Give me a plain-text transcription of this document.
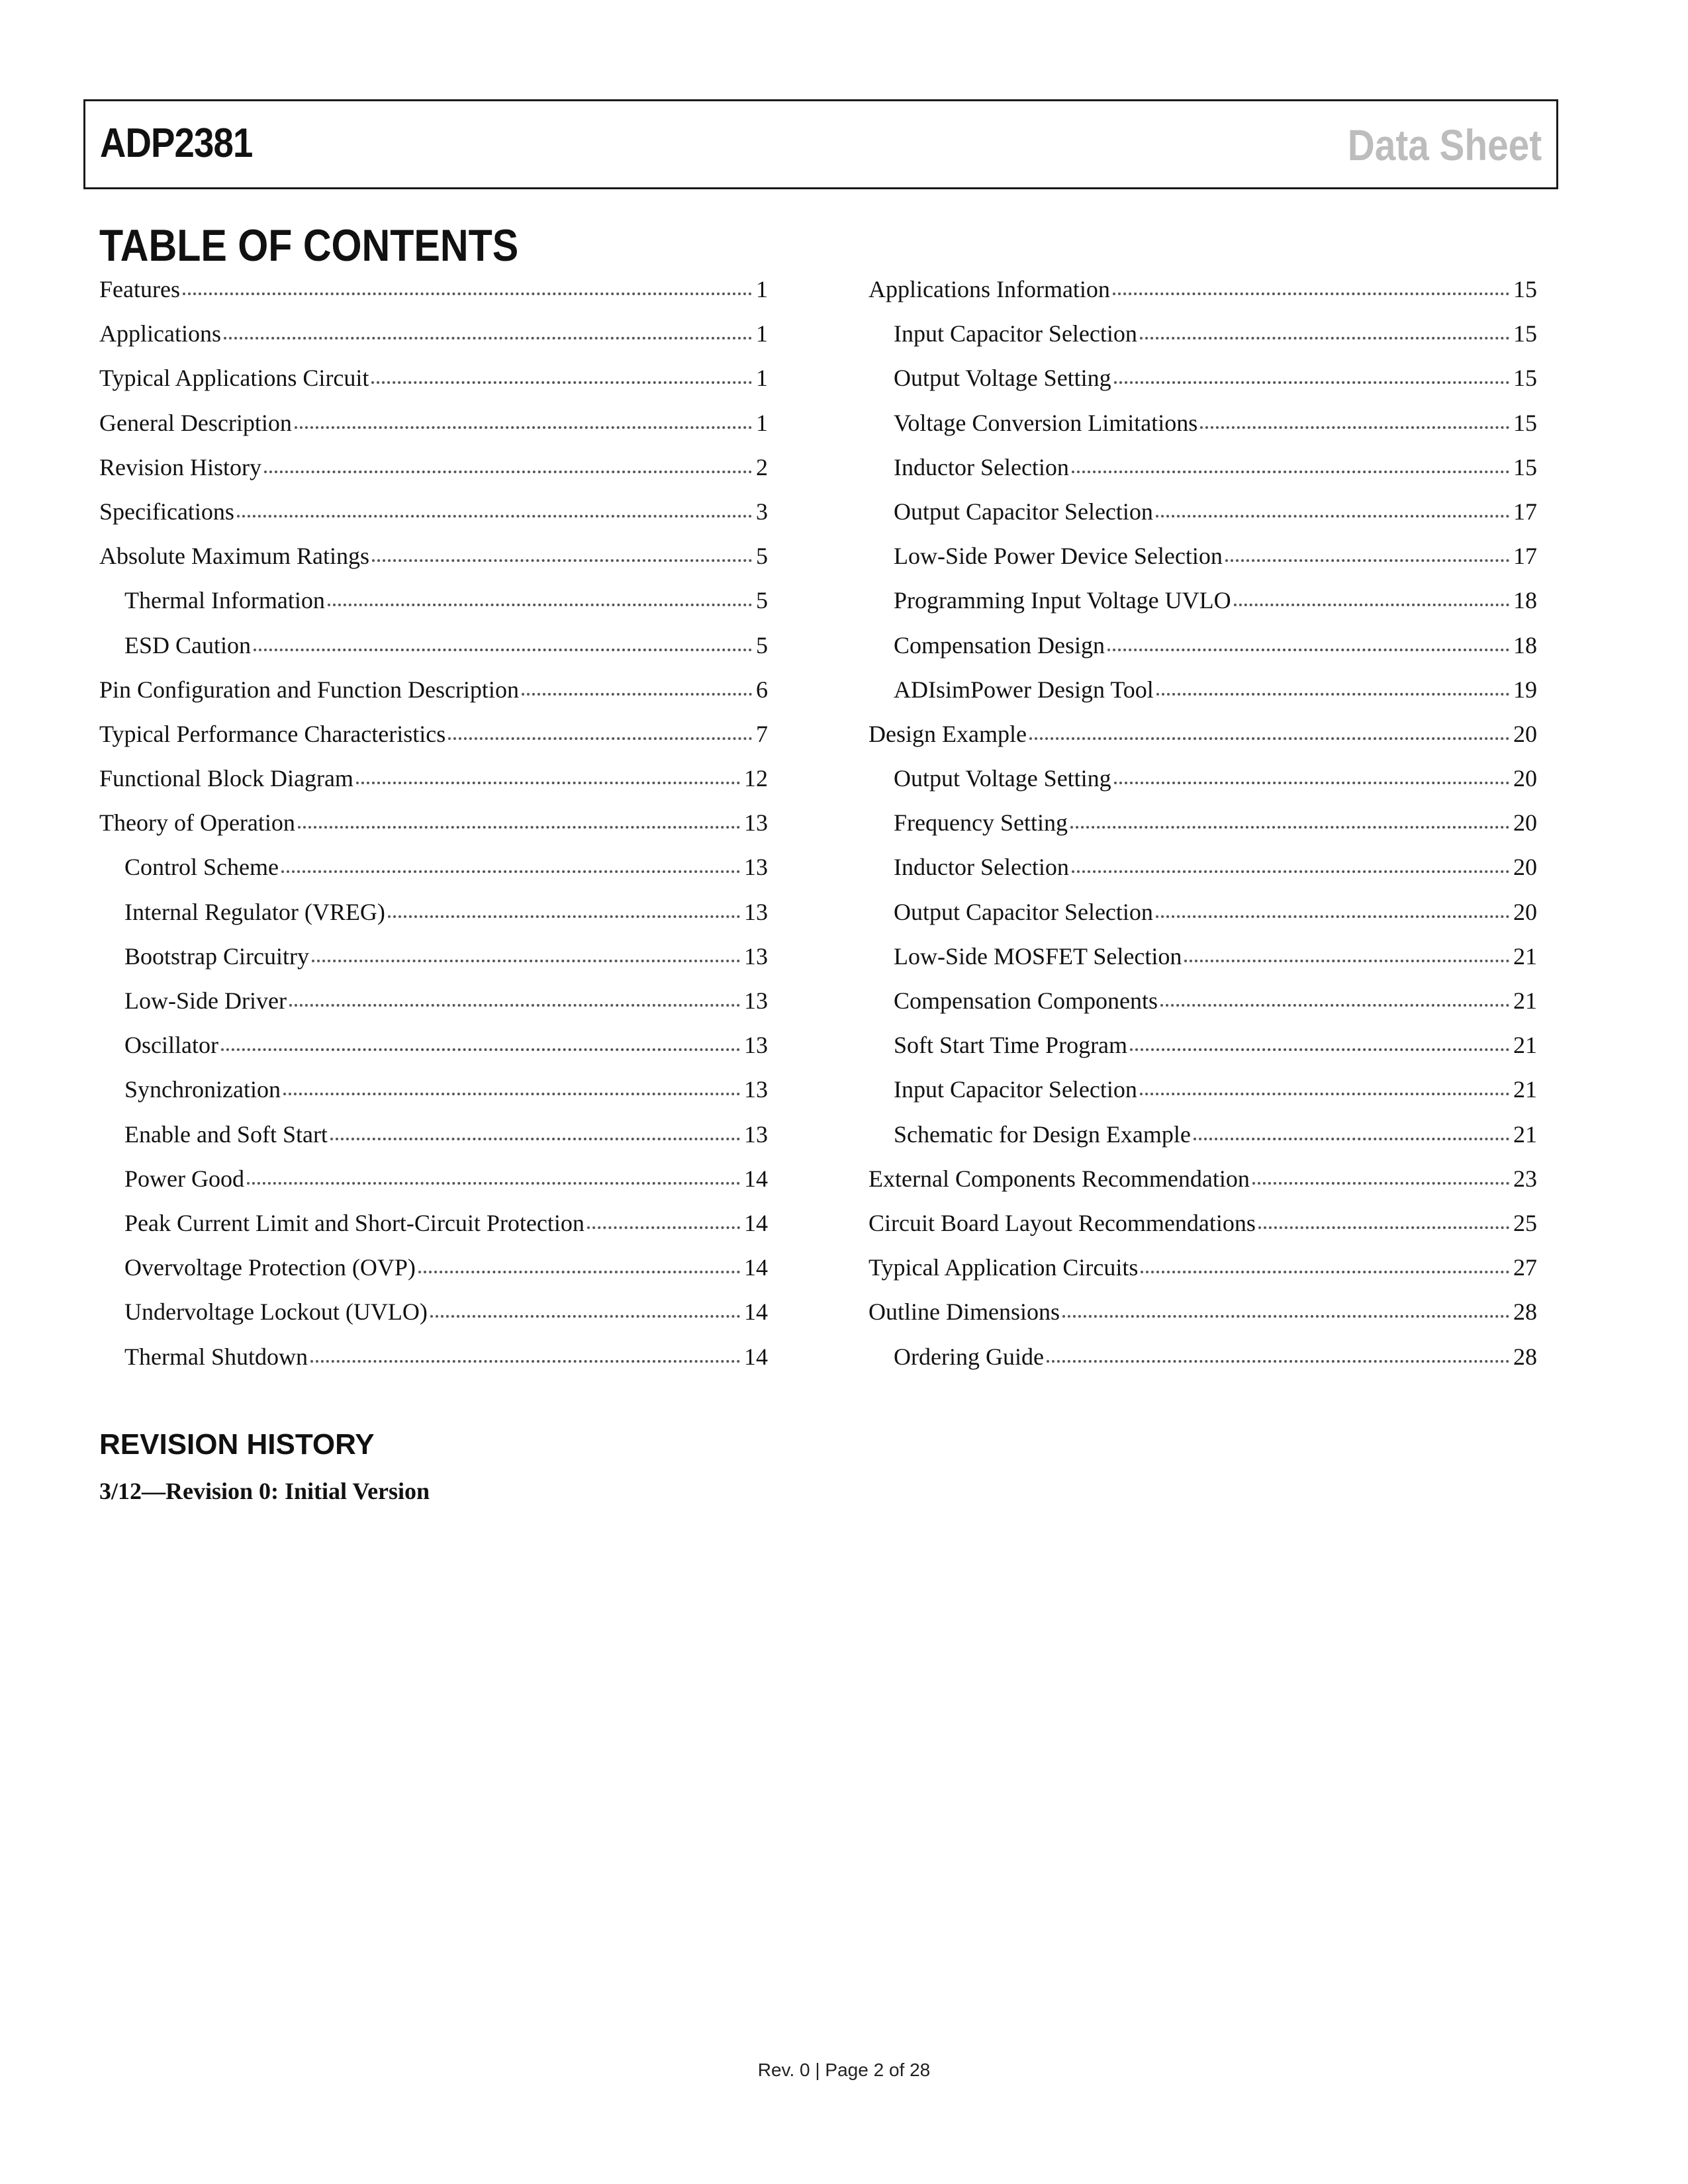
ADP2381	Data Sheet
TABLE OF CONTENTS
Features	1
Applications	1
Typical Applications Circuit	1
General Description	1
Revision History	2
Specifications	3
Absolute Maximum Ratings	5
Thermal Information	5
ESD Caution	5
Pin Configuration and Function Description	6
Typical Performance Characteristics	7
Functional Block Diagram	12
Theory of Operation	13
Control Scheme	13
Internal Regulator (VREG)	13
Bootstrap Circuitry	13
Low-Side Driver	13
Oscillator	13
Synchronization	13
Enable and Soft Start	13
Power Good	14
Peak Current Limit and Short-Circuit Protection	14
Overvoltage Protection (OVP)	14
Undervoltage Lockout (UVLO)	14
Thermal Shutdown	14
Applications Information	15
Input Capacitor Selection	15
Output Voltage Setting	15
Voltage Conversion Limitations	15
Inductor Selection	15
Output Capacitor Selection	17
Low-Side Power Device Selection	17
Programming Input Voltage UVLO	18
Compensation Design	18
ADIsimPower Design Tool	19
Design Example	20
Output Voltage Setting	20
Frequency Setting	20
Inductor Selection	20
Output Capacitor Selection	20
Low-Side MOSFET Selection	21
Compensation Components	21
Soft Start Time Program	21
Input Capacitor Selection	21
Schematic for Design Example	21
External Components Recommendation	23
Circuit Board Layout Recommendations	25
Typical Application Circuits	27
Outline Dimensions	28
Ordering Guide	28
REVISION HISTORY
3/12—Revision 0: Initial Version
Rev. 0 | Page 2 of 28
